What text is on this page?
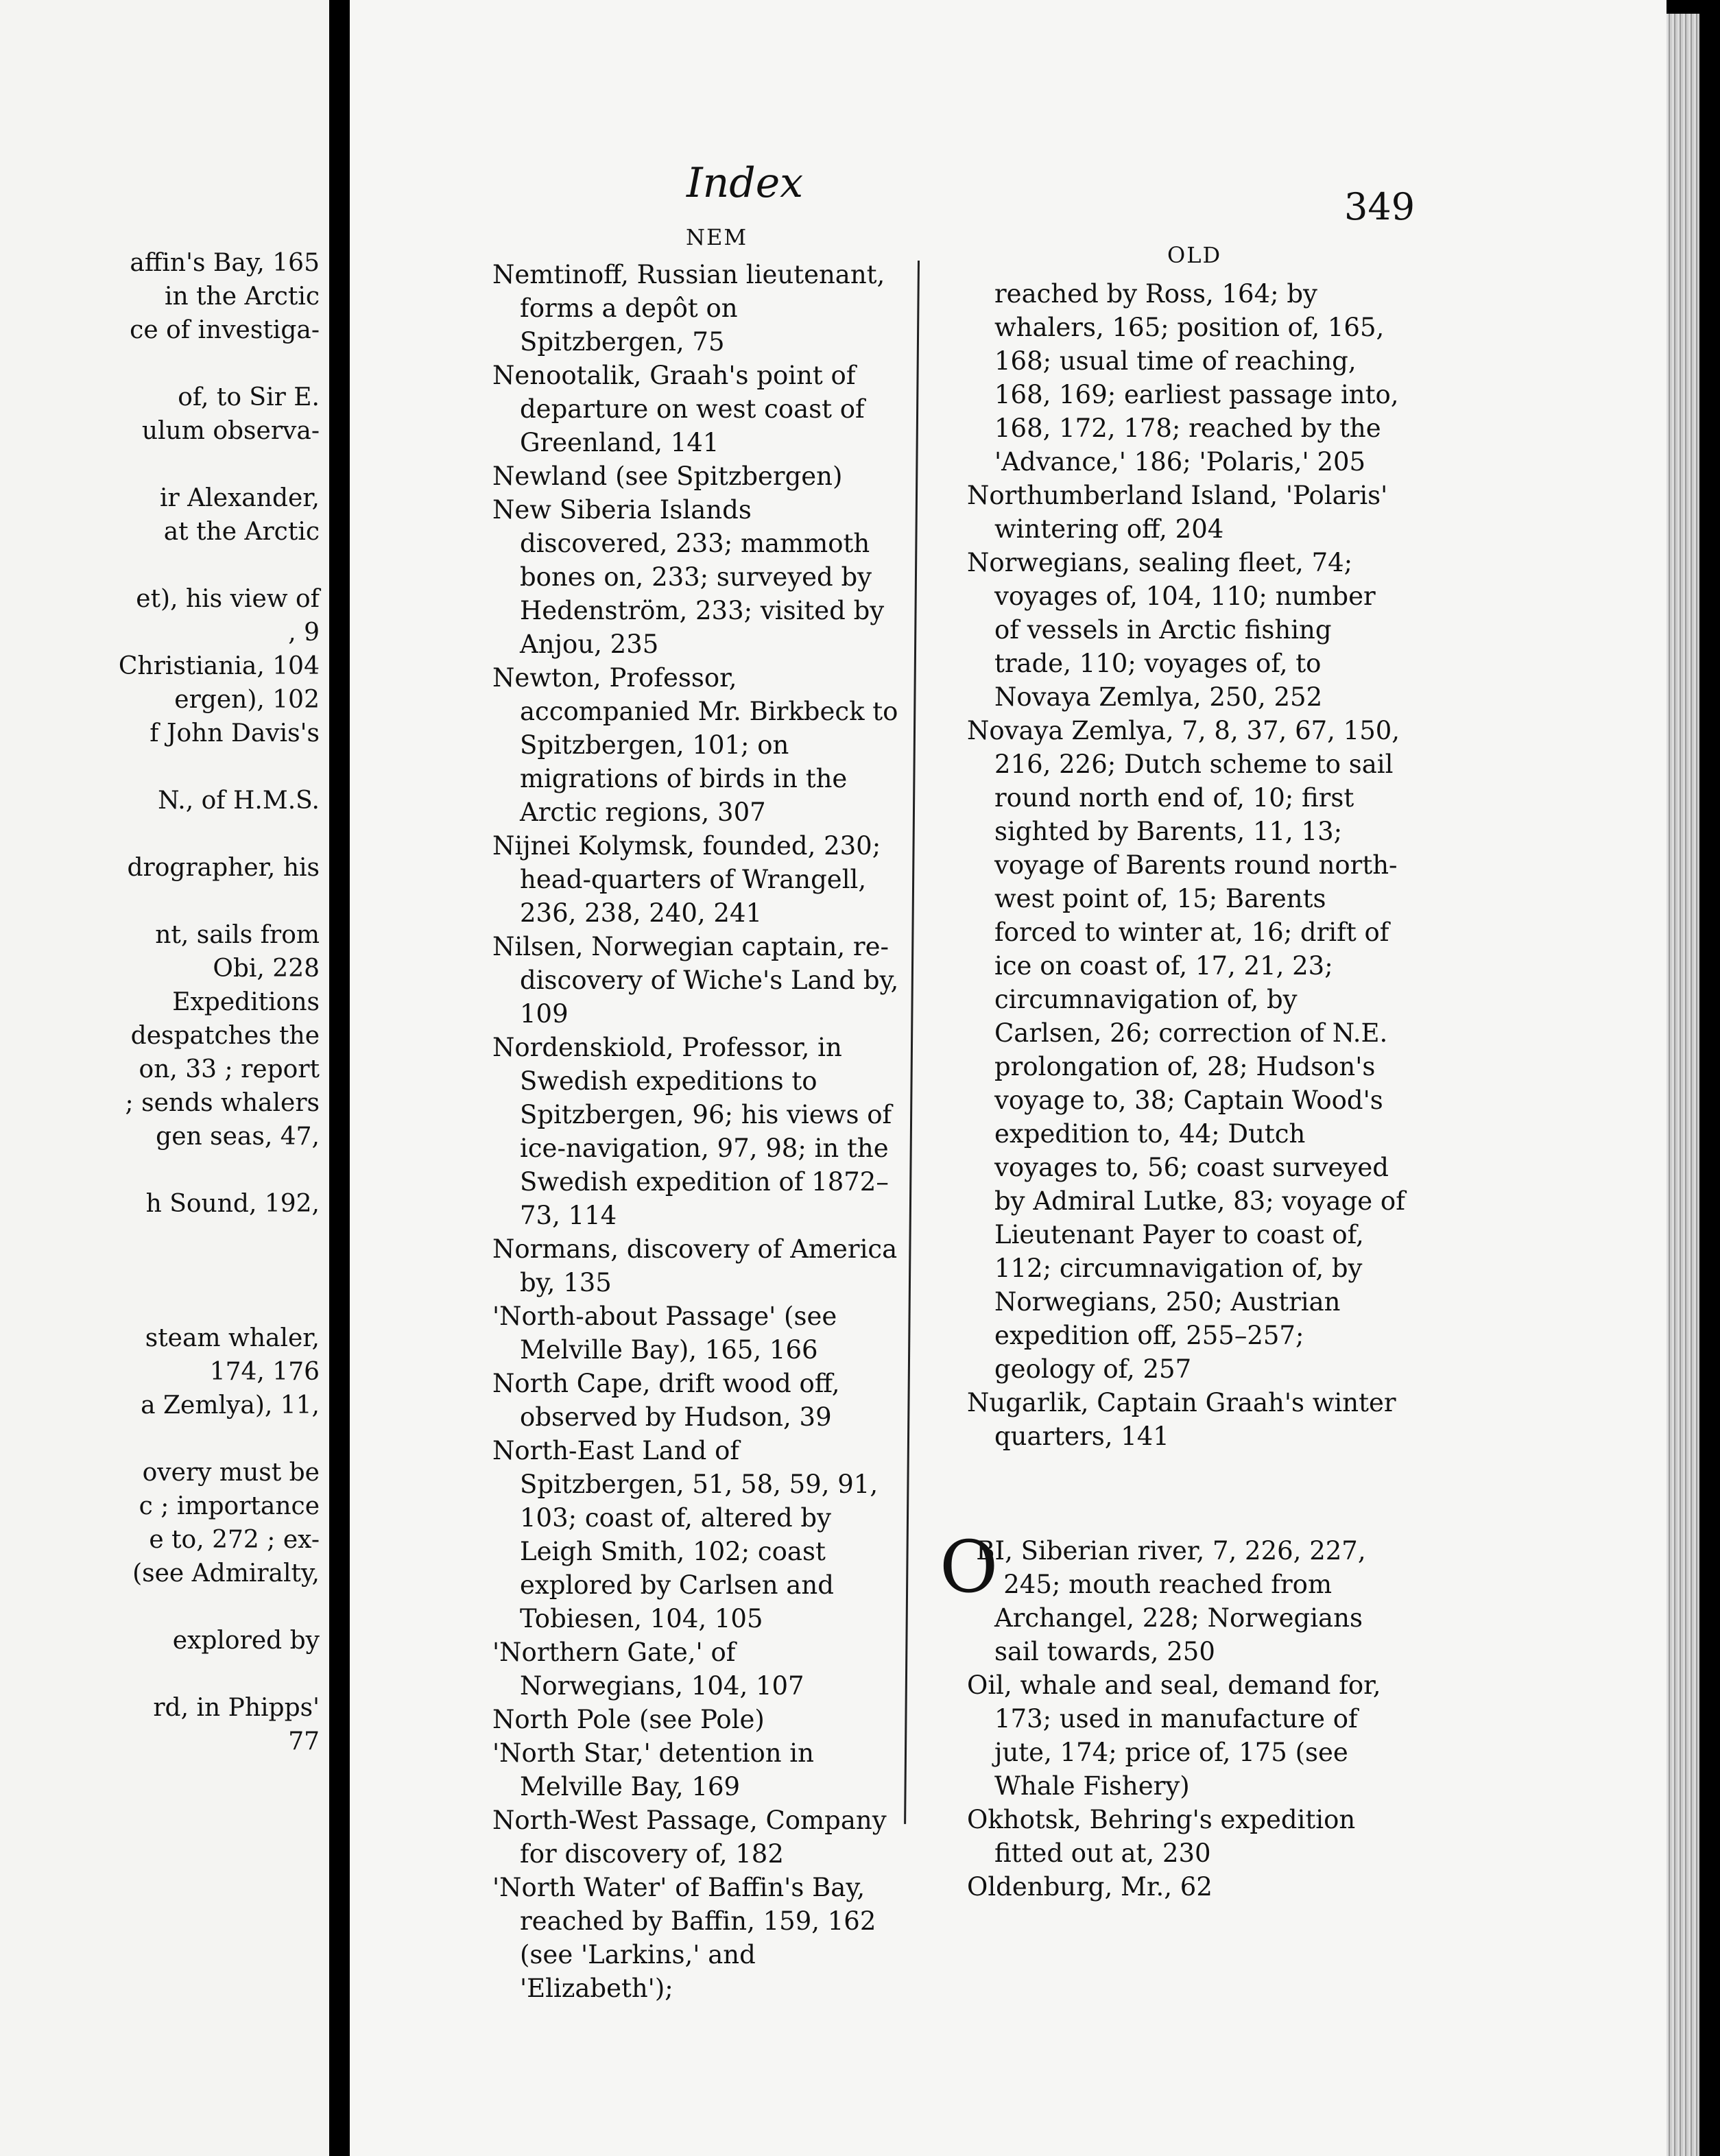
affin's Bay, 165
in the Arctic
ce of investiga-
of, to Sir E.
ulum observa-
ir Alexander,
at the Arctic
et), his view of
, 9
Christiania, 104
ergen), 102
f John Davis's
N., of H.M.S.
drographer, his
nt, sails from
Obi, 228
Expeditions
despatches the
on, 33 ; report
; sends whalers
gen seas, 47,
h Sound, 192,
steam whaler,
174, 176
a Zemlya), 11,
overy must be
c ; importance
e to, 272 ; ex-
(see Admiralty,
explored by
rd, in Phipps'
77
Index	349
NEM
OLD
Nemtinoff, Russian lieutenant, forms a depôt on Spitzbergen, 75
Nenootalik, Graah's point of departure on west coast of Greenland, 141
Newland (see Spitzbergen)
New Siberia Islands discovered, 233; mammoth bones on, 233; surveyed by Hedenström, 233; visited by Anjou, 235
Newton, Professor, accompanied Mr. Birkbeck to Spitzbergen, 101; on migrations of birds in the Arctic regions, 307
Nijnei Kolymsk, founded, 230; head-quarters of Wrangell, 236, 238, 240, 241
Nilsen, Norwegian captain, re-discovery of Wiche's Land by, 109
Nordenskiold, Professor, in Swedish expeditions to Spitzbergen, 96; his views of ice-navigation, 97, 98; in the Swedish expedition of 1872–73, 114
Normans, discovery of America by, 135
'North-about Passage' (see Melville Bay), 165, 166
North Cape, drift wood off, observed by Hudson, 39
North-East Land of Spitzbergen, 51, 58, 59, 91, 103; coast of, altered by Leigh Smith, 102; coast explored by Carlsen and Tobiesen, 104, 105
'Northern Gate,' of Norwegians, 104, 107
North Pole (see Pole)
'North Star,' detention in Melville Bay, 169
North-West Passage, Company for discovery of, 182
'North Water' of Baffin's Bay, reached by Baffin, 159, 162 (see 'Larkins,' and 'Elizabeth');
reached by Ross, 164; by whalers, 165; position of, 165, 168; usual time of reaching, 168, 169; earliest passage into, 168, 172, 178; reached by the 'Advance,' 186; 'Polaris,' 205
Northumberland Island, 'Polaris' wintering off, 204
Norwegians, sealing fleet, 74; voyages of, 104, 110; number of vessels in Arctic fishing trade, 110; voyages of, to Novaya Zemlya, 250, 252
Novaya Zemlya, 7, 8, 37, 67, 150, 216, 226; Dutch scheme to sail round north end of, 10; first sighted by Barents, 11, 13; voyage of Barents round north-west point of, 15; Barents forced to winter at, 16; drift of ice on coast of, 17, 21, 23; circumnavigation of, by Carlsen, 26; correction of N.E. prolongation of, 28; Hudson's voyage to, 38; Captain Wood's expedition to, 44; Dutch voyages to, 56; coast surveyed by Admiral Lutke, 83; voyage of Lieutenant Payer to coast of, 112; circumnavigation of, by Norwegians, 250; Austrian expedition off, 255–257; geology of, 257
Nugarlik, Captain Graah's winter quarters, 141
O
BI, Siberian river, 7, 226, 227, 245; mouth reached from Archangel, 228; Norwegians sail towards, 250
Oil, whale and seal, demand for, 173; used in manufacture of jute, 174; price of, 175 (see Whale Fishery)
Okhotsk, Behring's expedition fitted out at, 230
Oldenburg, Mr., 62
